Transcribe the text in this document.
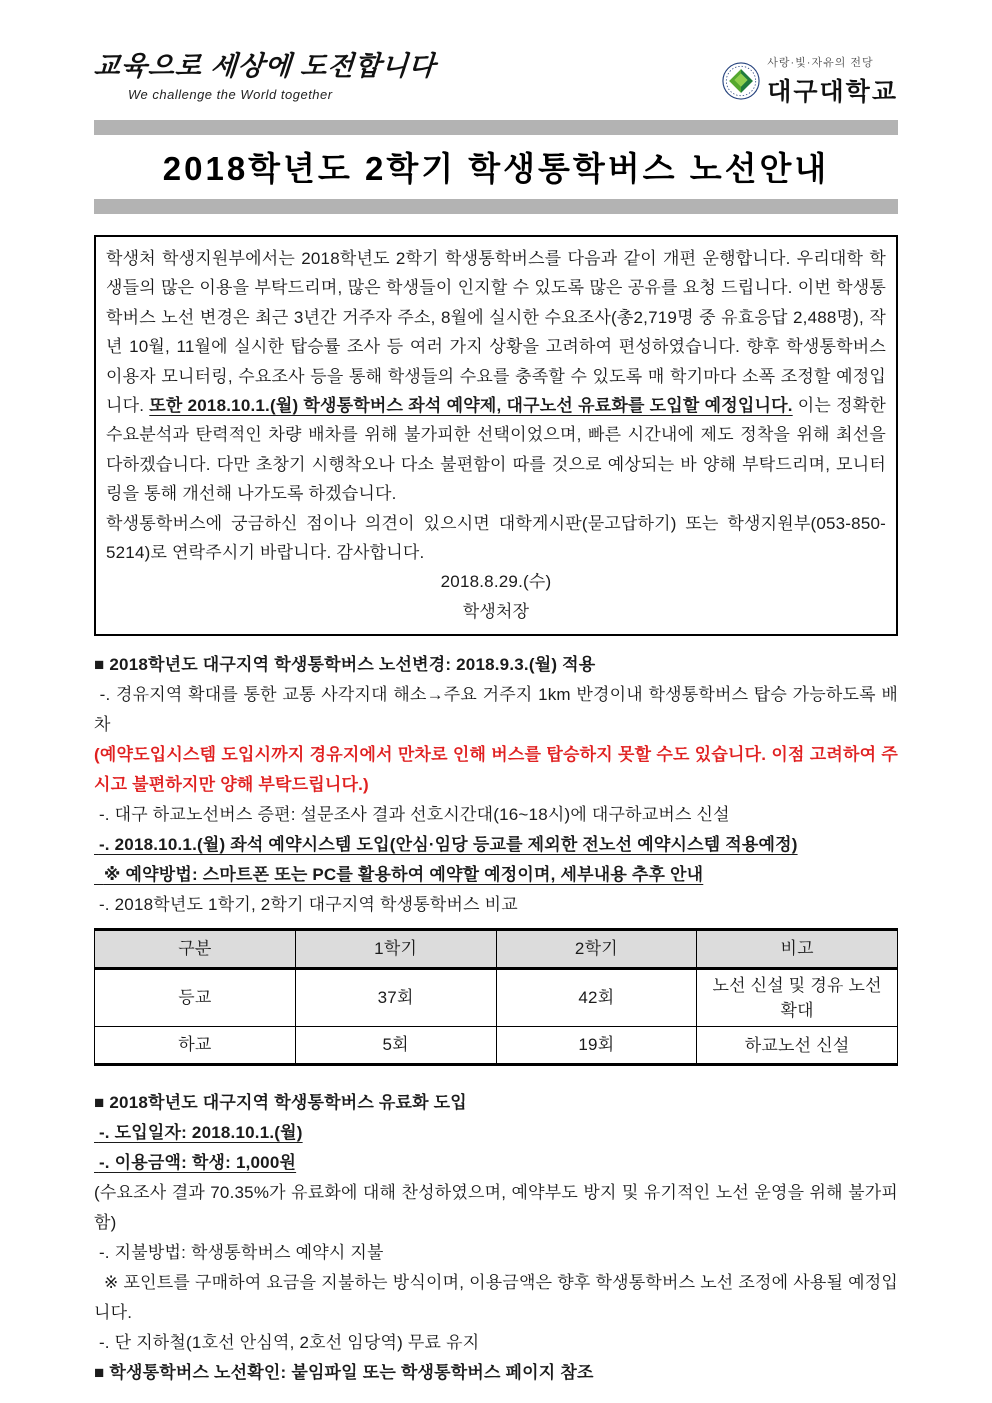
교육으로 세상에 도전합니다
We challenge the World together
사랑·빛·자유의 전당
대구대학교
2018학년도 2학기 학생통학버스 노선안내

학생처 학생지원부에서는 2018학년도 2학기 학생통학버스를 다음과 같이 개편 운행합니다. 우리대학 학생들의 많은 이용을 부탁드리며, 많은 학생들이 인지할 수 있도록 많은 공유를 요청 드립니다. 이번 학생통학버스 노선 변경은 최근 3년간 거주자 주소, 8월에 실시한 수요조사(총2,719명 중 유효응답 2,488명), 작년 10월, 11월에 실시한 탑승률 조사 등 여러 가지 상황을 고려하여 편성하였습니다. 향후 학생통학버스 이용자 모니터링, 수요조사 등을 통해 학생들의 수요를 충족할 수 있도록 매 학기마다 소폭 조정할 예정입니다. 또한 2018.10.1.(월) 학생통학버스 좌석 예약제, 대구노선 유료화를 도입할 예정입니다. 이는 정확한 수요분석과 탄력적인 차량 배차를 위해 불가피한 선택이었으며, 빠른 시간내에 제도 정착을 위해 최선을 다하겠습니다. 다만 초창기 시행착오나 다소 불편함이 따를 것으로 예상되는 바 양해 부탁드리며, 모니터링을 통해 개선해 나가도록 하겠습니다.

학생통학버스에 궁금하신 점이나 의견이 있으시면 대학게시판(묻고답하기) 또는 학생지원부(053-850-5214)로 연락주시기 바랍니다. 감사합니다.

2018.8.29.(수)

학생처장

■ 2018학년도 대구지역 학생통학버스 노선변경: 2018.9.3.(월) 적용
-. 경유지역 확대를 통한 교통 사각지대 해소→주요 거주지 1km 반경이내 학생통학버스 탑승 가능하도록 배차
(예약도입시스템 도입시까지 경유지에서 만차로 인해 버스를 탑승하지 못할 수도 있습니다. 이점 고려하여 주시고 불편하지만 양해 부탁드립니다.)
-. 대구 하교노선버스 증편: 설문조사 결과 선호시간대(16~18시)에 대구하교버스 신설
-. 2018.10.1.(월) 좌석 예약시스템 도입(안심·임당 등교를 제외한 전노선 예약시스템 적용예정)
※ 예약방법: 스마트폰 또는 PC를 활용하여 예약할 예정이며, 세부내용 추후 안내
-. 2018학년도 1학기, 2학기 대구지역 학생통학버스 비교
구분	1학기	2학기	비고
등교	37회	42회	노선 신설 및 경유 노선 확대
하교	5회	19회	하교노선 신설
■ 2018학년도 대구지역 학생통학버스 유료화 도입
-. 도입일자: 2018.10.1.(월)
-. 이용금액: 학생: 1,000원
(수요조사 결과 70.35%가 유료화에 대해 찬성하였으며, 예약부도 방지 및 유기적인 노선 운영을 위해 불가피함)
-. 지불방법: 학생통학버스 예약시 지불
※ 포인트를 구매하여 요금을 지불하는 방식이며, 이용금액은 향후 학생통학버스 노선 조정에 사용될 예정입니다.
-. 단 지하철(1호선 안심역, 2호선 임당역) 무료 유지
■ 학생통학버스 노선확인: 붙임파일 또는 학생통학버스 페이지 참조
